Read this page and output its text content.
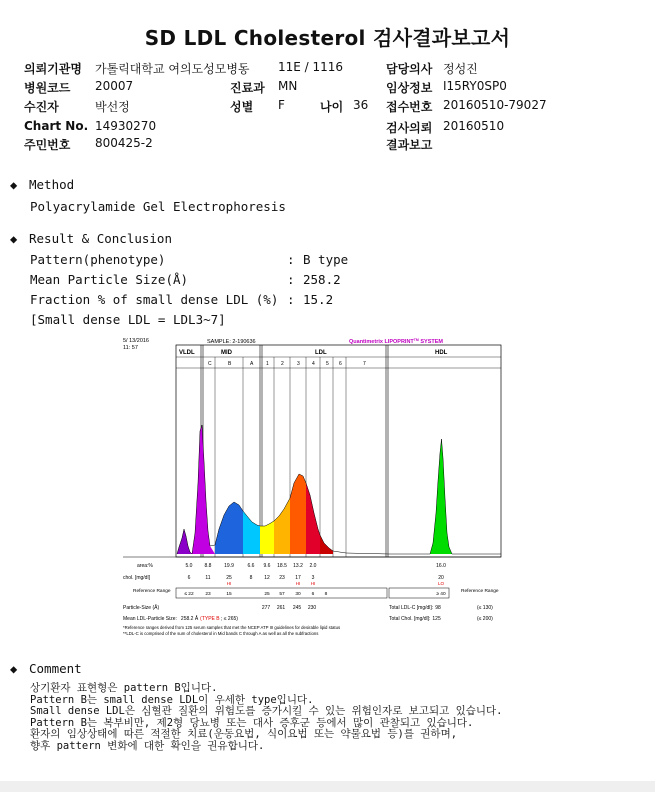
SD LDL Cholesterol 검사결과보고서
의뢰기관명 가톨릭대학교 여의도성모병동 11E / 1116	담당의사 정성진
병원코드 20007	진료과 MN	임상정보 I15RY0SP0
수진자	박선정	성별 F	나이 36 접수번호 20160510-79027
Chart No. 14930270	검사의뢰 20160510
주민번호 800425-2	결과보고
◆ Method
Polyacrylamide Gel Electrophoresis
◆ Result & Conclusion
Pattern(phenotype)	: B type
Mean Particle Size(Å)	: 258.2
Fraction % of small dense LDL (%) : 15.2
[Small dense LDL = LDL3~7]
5/ 13/2016
11: 57
SAMPLE: 2-190636	Quantimetrix LIPOPRINT™ SYSTEM
VLDL	MID	LDL	HDL
C	B	A	1 2	3 4 5 6	7
area:%	5.0 8.8	19.9	6.6 9.6 18.5 13.2 2.0	16.0
chol. [mg/dl]	6	11	25	8 12 23 17 3	20
HI	HI HI	LO
Reference Range
≤ 22 23	15	25 57 30 6 8	≥ 40
Reference Range
Particle-Size (Å)	277 261 245 230
Mean LDL-Particle Size: 258.2 Å (TYPE B ; ≤ 265)
Total LDL-C [mg/dl]: 98	(≤ 130)
Total Chol. [mg/dl]: 125	(≤ 200)
*Reference ranges derived from 125 serum samples that met the NCEP ATP III guidelines for desirable lipid status
**LDL-C is comprised of the sum of cholesterol in Mid bands C through A as well as all the subfractions
◆ Comment
상기환자 표현형은 pattern B입니다.
Pattern B는 small dense LDL이 우세한 type입니다.
Small dense LDL은 심혈관 질환의 위험도를 증가시킬 수 있는 위험인자로 보고되고 있습니다.
Pattern B는 복부비만, 제2형 당뇨병 또는 대사 증후군 등에서 많이 관찰되고 있습니다.
환자의 임상상태에 따른 적절한 치료(운동요법, 식이요법 또는 약물요법 등)를 권하며,
향후 pattern 변화에 대한 확인을 권유합니다.
